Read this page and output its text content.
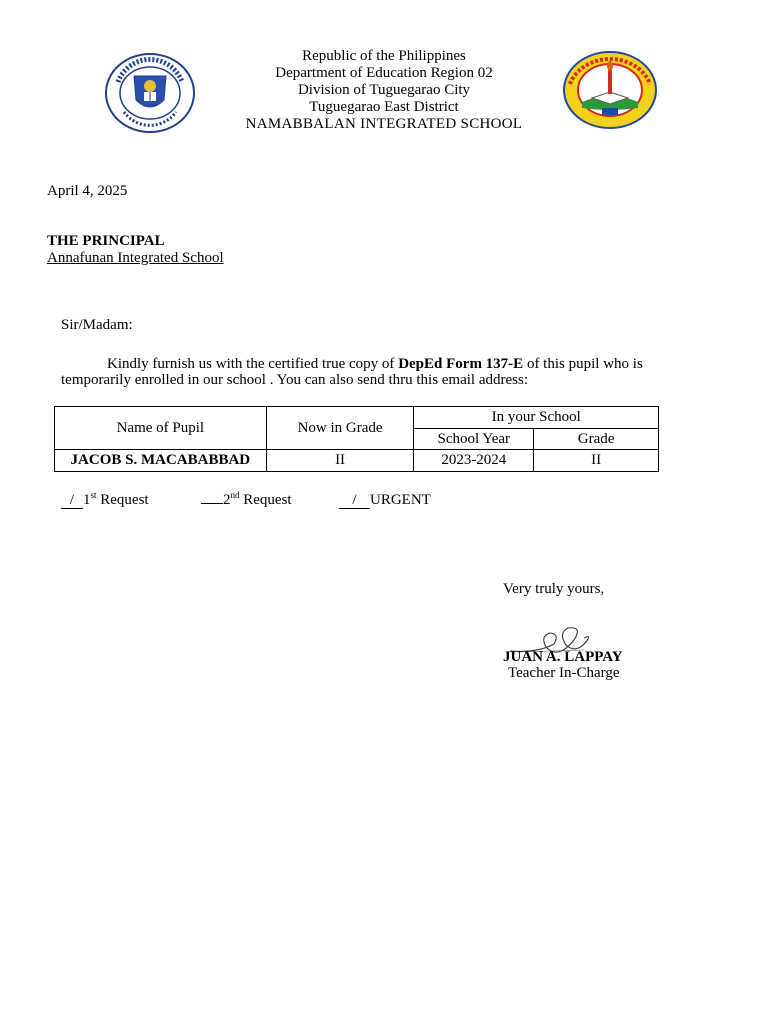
Republic of the Philippines
Department of Education Region 02
Division of Tuguegarao City
Tuguegarao East District
NAMABBALAN INTEGRATED SCHOOL
April 4, 2025
THE PRINCIPAL
Annafunan Integrated School
Sir/Madam:
Kindly furnish us with the certified true copy of DepEd Form 137-E of this pupil who is temporarily enrolled in our school . You can also send thru this email address:
Name of Pupil	Now in Grade	In your School	
		School Year	Grade
JACOB S. MACABABBAD	II	2023-2024	II
/ 1st Request	2nd Request	/ URGENT
Very truly yours,
JUAN A. LAPPAY
Teacher In-Charge
